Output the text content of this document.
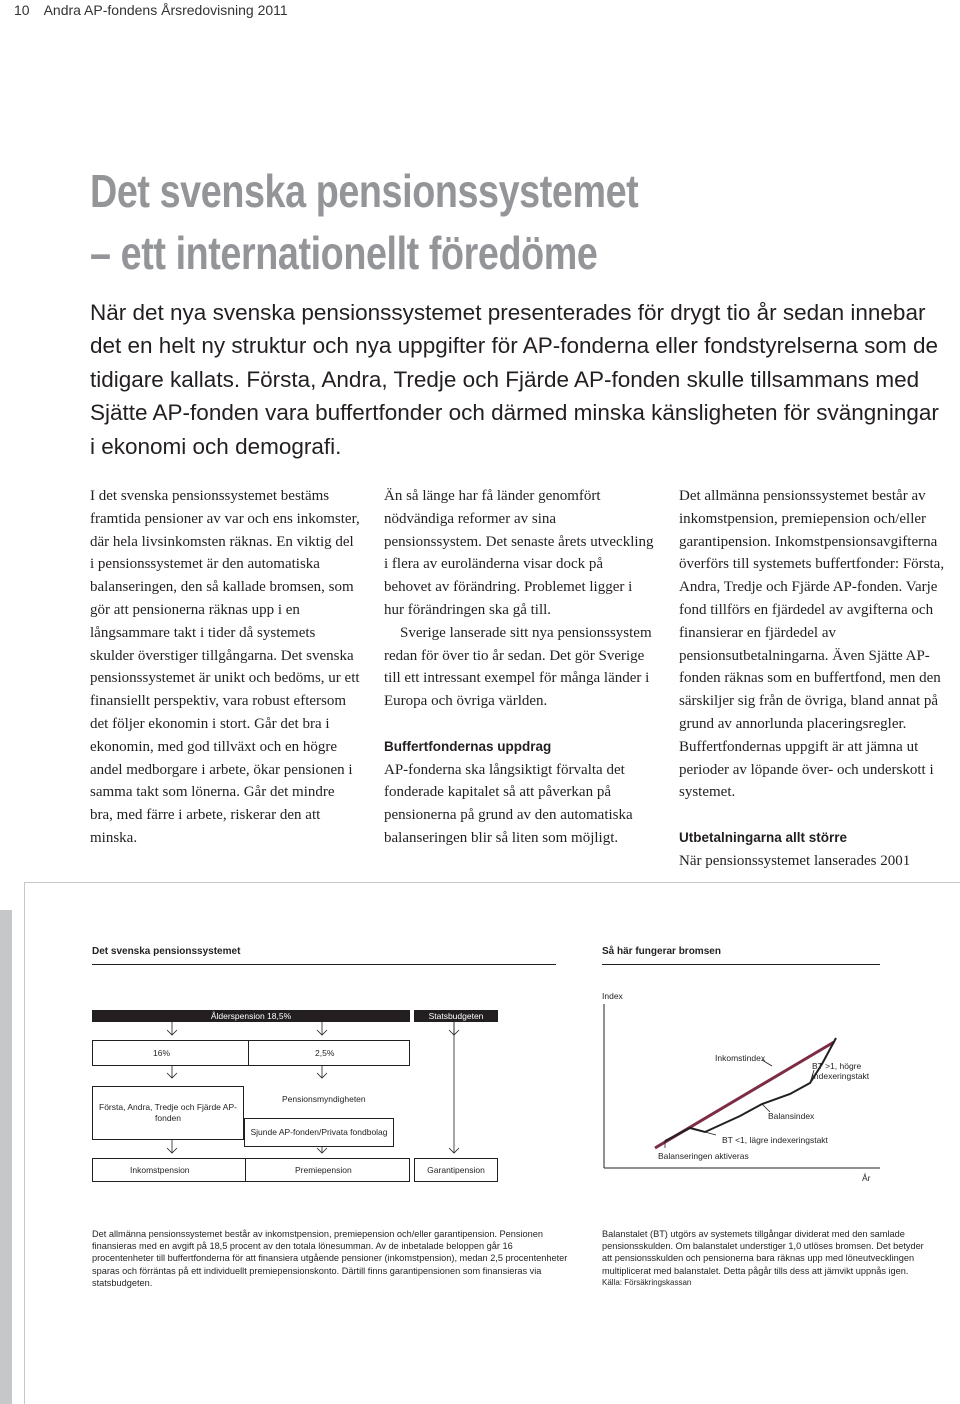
10 Andra AP-fondens Årsredovisning 2011
Det svenska pensionssystemet
– ett internationellt föredöme
När det nya svenska pensionssystemet presenterades för drygt tio år sedan innebar det en helt ny struktur och nya uppgifter för AP-fonderna eller fondstyrelserna som de tidigare kallats. Första, Andra, Tredje och Fjärde AP-fonden skulle tillsammans med Sjätte AP-fonden vara buffertfonder och därmed minska känsligheten för svängningar i ekonomi och demografi.

I det svenska pensionssystemet bestäms framtida pensioner av var och ens inkomster, där hela livsinkomsten räknas. En viktig del i pensionssystemet är den automatiska balanseringen, den så kallade bromsen, som gör att pensionerna räknas upp i en långsammare takt i tider då systemets skulder överstiger tillgångarna. Det svenska pensionssystemet är unikt och bedöms, ur ett finansiellt perspektiv, vara robust eftersom det följer ekonomin i stort. Går det bra i ekonomin, med god tillväxt och en högre andel medborgare i arbete, ökar pensionen i samma takt som lönerna. Går det mindre bra, med färre i arbete, riskerar den att minska.

Än så länge har få länder genomfört nödvändiga reformer av sina pensionssystem. Det senaste årets utveckling i flera av euroländerna visar dock på behovet av förändring. Problemet ligger i hur förändringen ska gå till.

Sverige lanserade sitt nya pensionssystem redan för över tio år sedan. Det gör Sverige till ett intressant exempel för många länder i Europa och övriga världen.

Buffertfondernas uppdrag

AP-fonderna ska långsiktigt förvalta det fonderade kapitalet så att påverkan på pensionerna på grund av den automatiska balanseringen blir så liten som möjligt.

Det allmänna pensionssystemet består av inkomstpension, premiepension och/eller garantipension. Inkomstpensionsavgifterna överförs till systemets buffertfonder: Första, Andra, Tredje och Fjärde AP-fonden. Varje fond tillförs en fjärdedel av avgifterna och finansierar en fjärdedel av pensionsutbetalningarna. Även Sjätte AP-fonden räknas som en buffertfond, men den särskiljer sig från de övriga, bland annat på grund av annorlunda placeringsregler. Buffertfondernas uppgift är att jämna ut perioder av löpande över- och underskott i systemet.

Utbetalningarna allt större

När pensionssystemet lanserades 2001

Det svenska pensionssystemet
Ålderspension 18,5%	Statsbudgeten
16%	2,5%
Första, Andra, Tredje och Fjärde AP-fonden
Pensionsmyndigheten
Sjunde AP-fonden/Privata fondbolag
Inkomstpension	Premiepension	Garantipension
Det allmänna pensionssystemet består av inkomstpension, premiepension och/eller garantipension. Pensionen finansieras med en avgift på 18,5 procent av den totala lönesumman. Av de inbetalade beloppen går 16 procentenheter till buffertfonderna för att finansiera utgående pensioner (inkomstpension), medan 2,5 procentenheter sparas och förräntas på ett individuellt premiepensionskonto. Därtill finns garantipensionen som finansieras via statsbudgeten.
Så här fungerar bromsen
Index
År
Inkomstindex
BT >1, högre indexeringstakt
Balansindex
BT <1, lägre indexeringstakt
Balanseringen aktiveras

Balanstalet (BT) utgörs av systemets tillgångar dividerat med den samlade pensionsskulden. Om balanstalet understiger 1,0 utlöses bromsen. Det betyder att pensionsskulden och pensionerna bara räknas upp med löneutvecklingen multiplicerat med balanstalet. Detta pågår tills dess att jämvikt uppnås igen.

Källa: Försäkringskassan
